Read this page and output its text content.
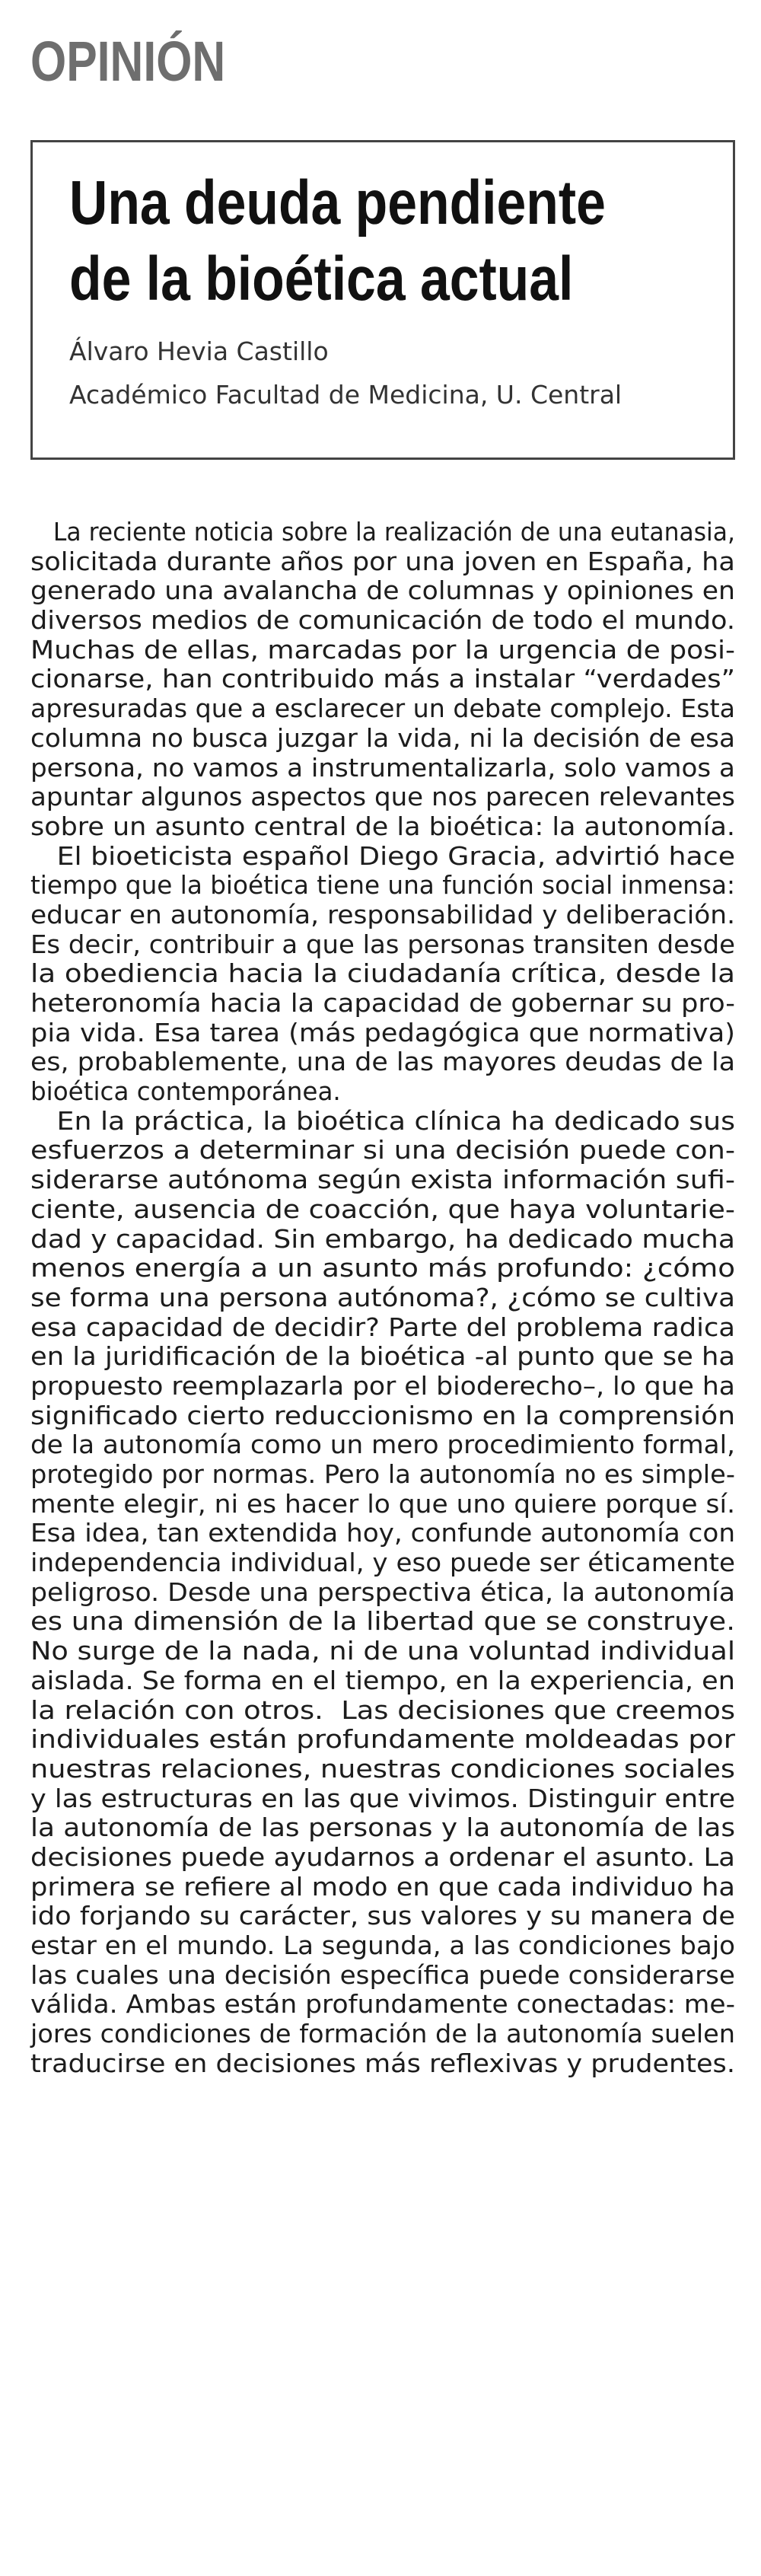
OPINIÓN
Una deuda pendiente
de la bioética actual
Álvaro Hevia Castillo
Académico Facultad de Medicina, U. Central
La reciente noticia sobre la realización de una eutanasia,
solicitada durante años por una joven en España, ha
generado una avalancha de columnas y opiniones en
diversos medios de comunicación de todo el mundo.
Muchas de ellas, marcadas por la urgencia de posi-
cionarse, han contribuido más a instalar “verdades”
apresuradas que a esclarecer un debate complejo. Esta
columna no busca juzgar la vida, ni la decisión de esa
persona, no vamos a instrumentalizarla, solo vamos a
apuntar algunos aspectos que nos parecen relevantes
sobre un asunto central de la bioética: la autonomía.
El bioeticista español Diego Gracia, advirtió hace
tiempo que la bioética tiene una función social inmensa:
educar en autonomía, responsabilidad y deliberación.
Es decir, contribuir a que las personas transiten desde
la obediencia hacia la ciudadanía crítica, desde la
heteronomía hacia la capacidad de gobernar su pro-
pia vida. Esa tarea (más pedagógica que normativa)
es, probablemente, una de las mayores deudas de la
bioética contemporánea.
En la práctica, la bioética clínica ha dedicado sus
esfuerzos a determinar si una decisión puede con-
siderarse autónoma según exista información sufi-
ciente, ausencia de coacción, que haya voluntarie-
dad y capacidad. Sin embargo, ha dedicado mucha
menos energía a un asunto más profundo: ¿cómo
se forma una persona autónoma?, ¿cómo se cultiva
esa capacidad de decidir? Parte del problema radica
en la juridificación de la bioética -al punto que se ha
propuesto reemplazarla por el bioderecho–, lo que ha
significado cierto reduccionismo en la comprensión
de la autonomía como un mero procedimiento formal,
protegido por normas. Pero la autonomía no es simple-
mente elegir, ni es hacer lo que uno quiere porque sí.
Esa idea, tan extendida hoy, confunde autonomía con
independencia individual, y eso puede ser éticamente
peligroso. Desde una perspectiva ética, la autonomía
es una dimensión de la libertad que se construye.
No surge de la nada, ni de una voluntad individual
aislada. Se forma en el tiempo, en la experiencia, en
la relación con otros.  Las decisiones que creemos
individuales están profundamente moldeadas por
nuestras relaciones, nuestras condiciones sociales
y las estructuras en las que vivimos. Distinguir entre
la autonomía de las personas y la autonomía de las
decisiones puede ayudarnos a ordenar el asunto. La
primera se refiere al modo en que cada individuo ha
ido forjando su carácter, sus valores y su manera de
estar en el mundo. La segunda, a las condiciones bajo
las cuales una decisión específica puede considerarse
válida. Ambas están profundamente conectadas: me-
jores condiciones de formación de la autonomía suelen
traducirse en decisiones más reflexivas y prudentes.
